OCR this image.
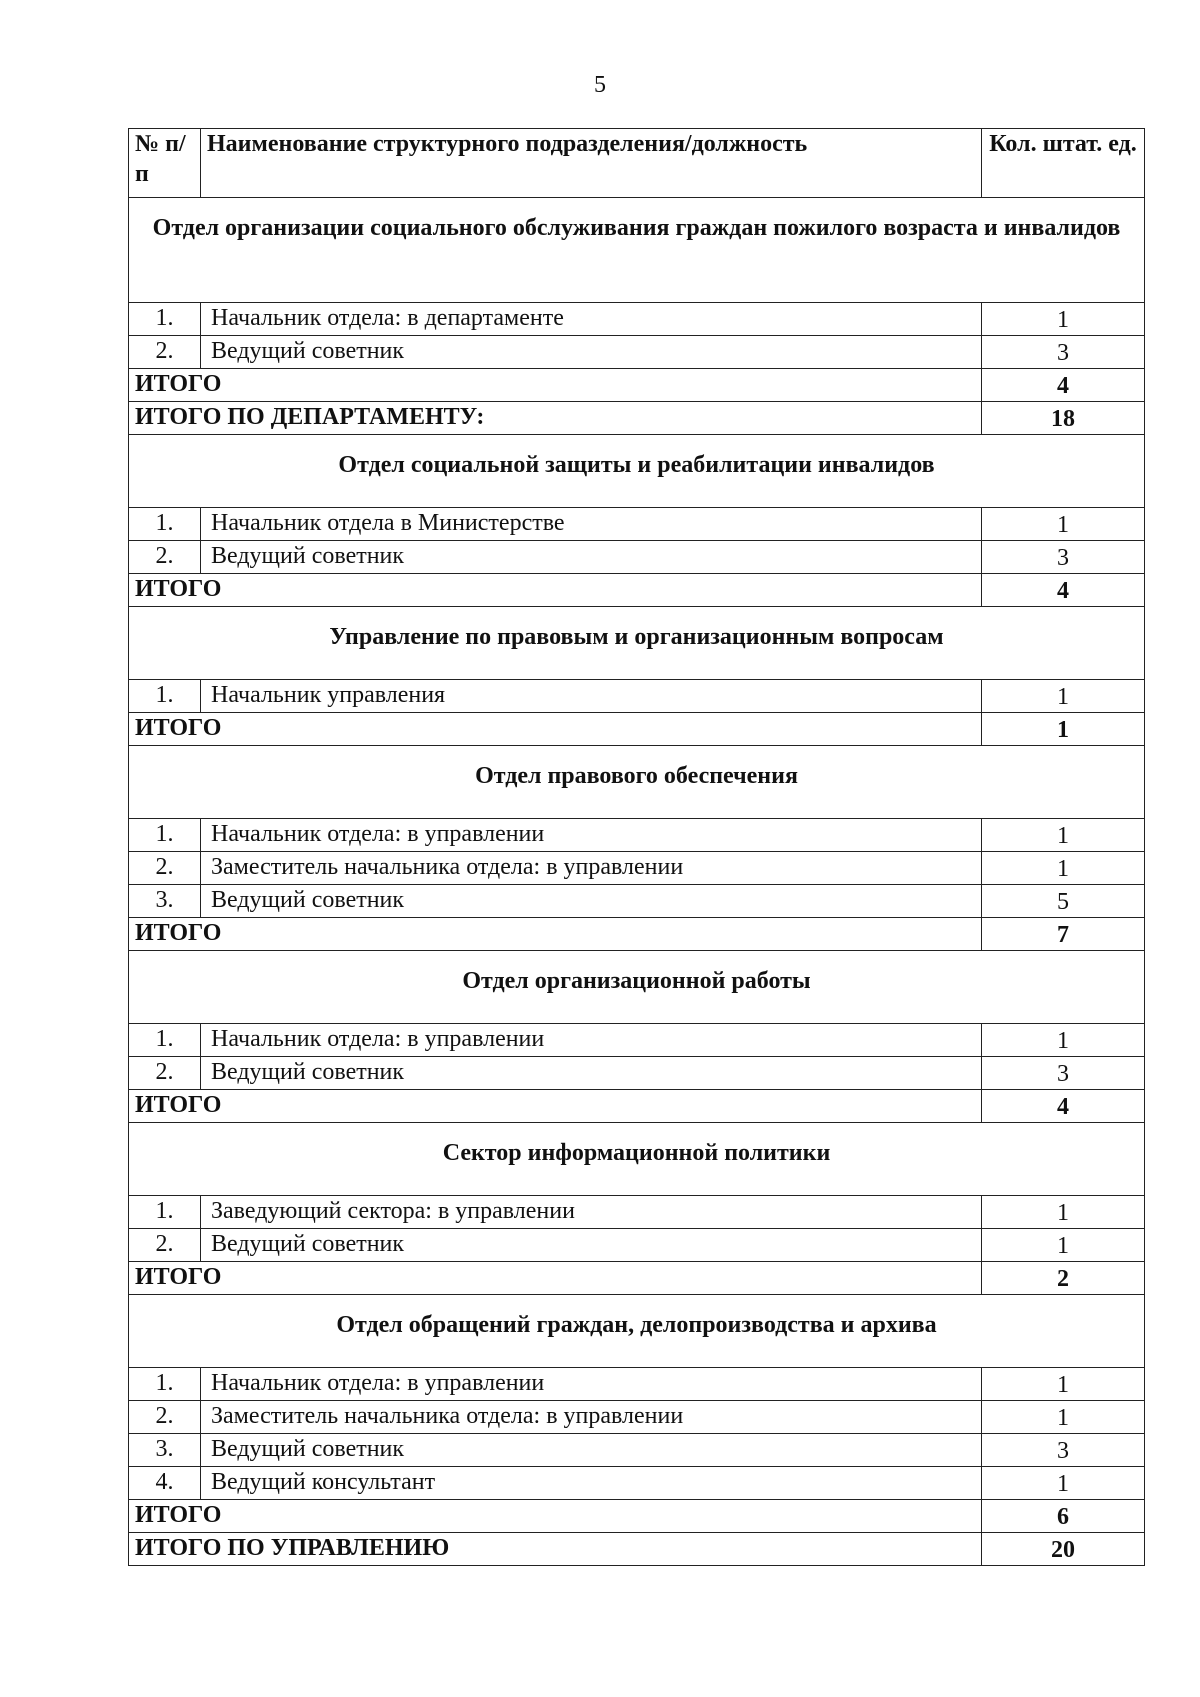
5
№ п/п	Наименование структурного подразделения/должность	Кол. штат. ед.
Отдел организации социального обслуживания граждан пожилого возраста и инвалидов		
1.	Начальник отдела: в департаменте	1
2.	Ведущий советник	3
ИТОГО		4
ИТОГО ПО ДЕПАРТАМЕНТУ:		18
Отдел социальной защиты и реабилитации инвалидов		
1.	Начальник отдела в Министерстве	1
2.	Ведущий советник	3
ИТОГО		4
Управление по правовым и организационным вопросам		
1.	Начальник управления	1
ИТОГО		1
Отдел правового обеспечения		
1.	Начальник отдела: в управлении	1
2.	Заместитель начальника отдела: в управлении	1
3.	Ведущий советник	5
ИТОГО		7
Отдел организационной работы		
1.	Начальник отдела: в управлении	1
2.	Ведущий советник	3
ИТОГО		4
Сектор информационной политики		
1.	Заведующий сектора: в управлении	1
2.	Ведущий советник	1
ИТОГО		2
Отдел обращений граждан, делопроизводства и архива		
1.	Начальник отдела: в управлении	1
2.	Заместитель начальника отдела: в управлении	1
3.	Ведущий советник	3
4.	Ведущий консультант	1
ИТОГО		6
ИТОГО ПО УПРАВЛЕНИЮ		20
